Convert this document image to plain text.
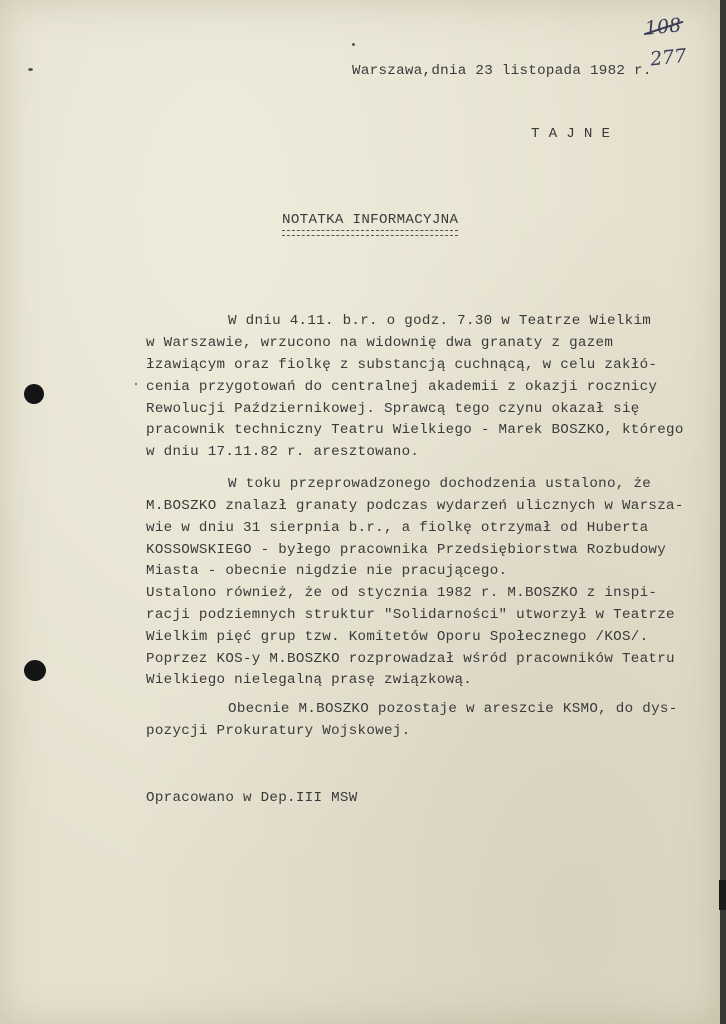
108277
Warszawa,dnia 23 listopada 1982 r.
T A J N E
NOTATKA INFORMACYJNA
W dniu 4.11. b.r. o godz. 7.30 w Teatrze Wielkim
w Warszawie, wrzucono na widownię dwa granaty z gazem
łzawiącym oraz fiolkę z substancją cuchnącą, w celu zakłó-
cenia przygotowań do centralnej akademii z okazji rocznicy
Rewolucji Październikowej. Sprawcą tego czynu okazał się
pracownik techniczny Teatru Wielkiego - Marek BOSZKO, którego
w dniu 17.11.82 r. aresztowano.
W toku przeprowadzonego dochodzenia ustalono, że
M.BOSZKO znalazł granaty podczas wydarzeń ulicznych w Warsza-
wie w dniu 31 sierpnia b.r., a fiolkę otrzymał od Huberta
KOSSOWSKIEGO - byłego pracownika Przedsiębiorstwa Rozbudowy
Miasta - obecnie nigdzie nie pracującego.
Ustalono również, że od stycznia 1982 r. M.BOSZKO z inspi-
racji podziemnych struktur "Solidarności" utworzył w Teatrze
Wielkim pięć grup tzw. Komitetów Oporu Społecznego /KOS/.
Poprzez KOS-y M.BOSZKO rozprowadzał wśród pracowników Teatru
Wielkiego nielegalną prasę związkową.
Obecnie M.BOSZKO pozostaje w areszcie KSMO, do dys-
pozycji Prokuratury Wojskowej.
Opracowano w Dep.III MSW
